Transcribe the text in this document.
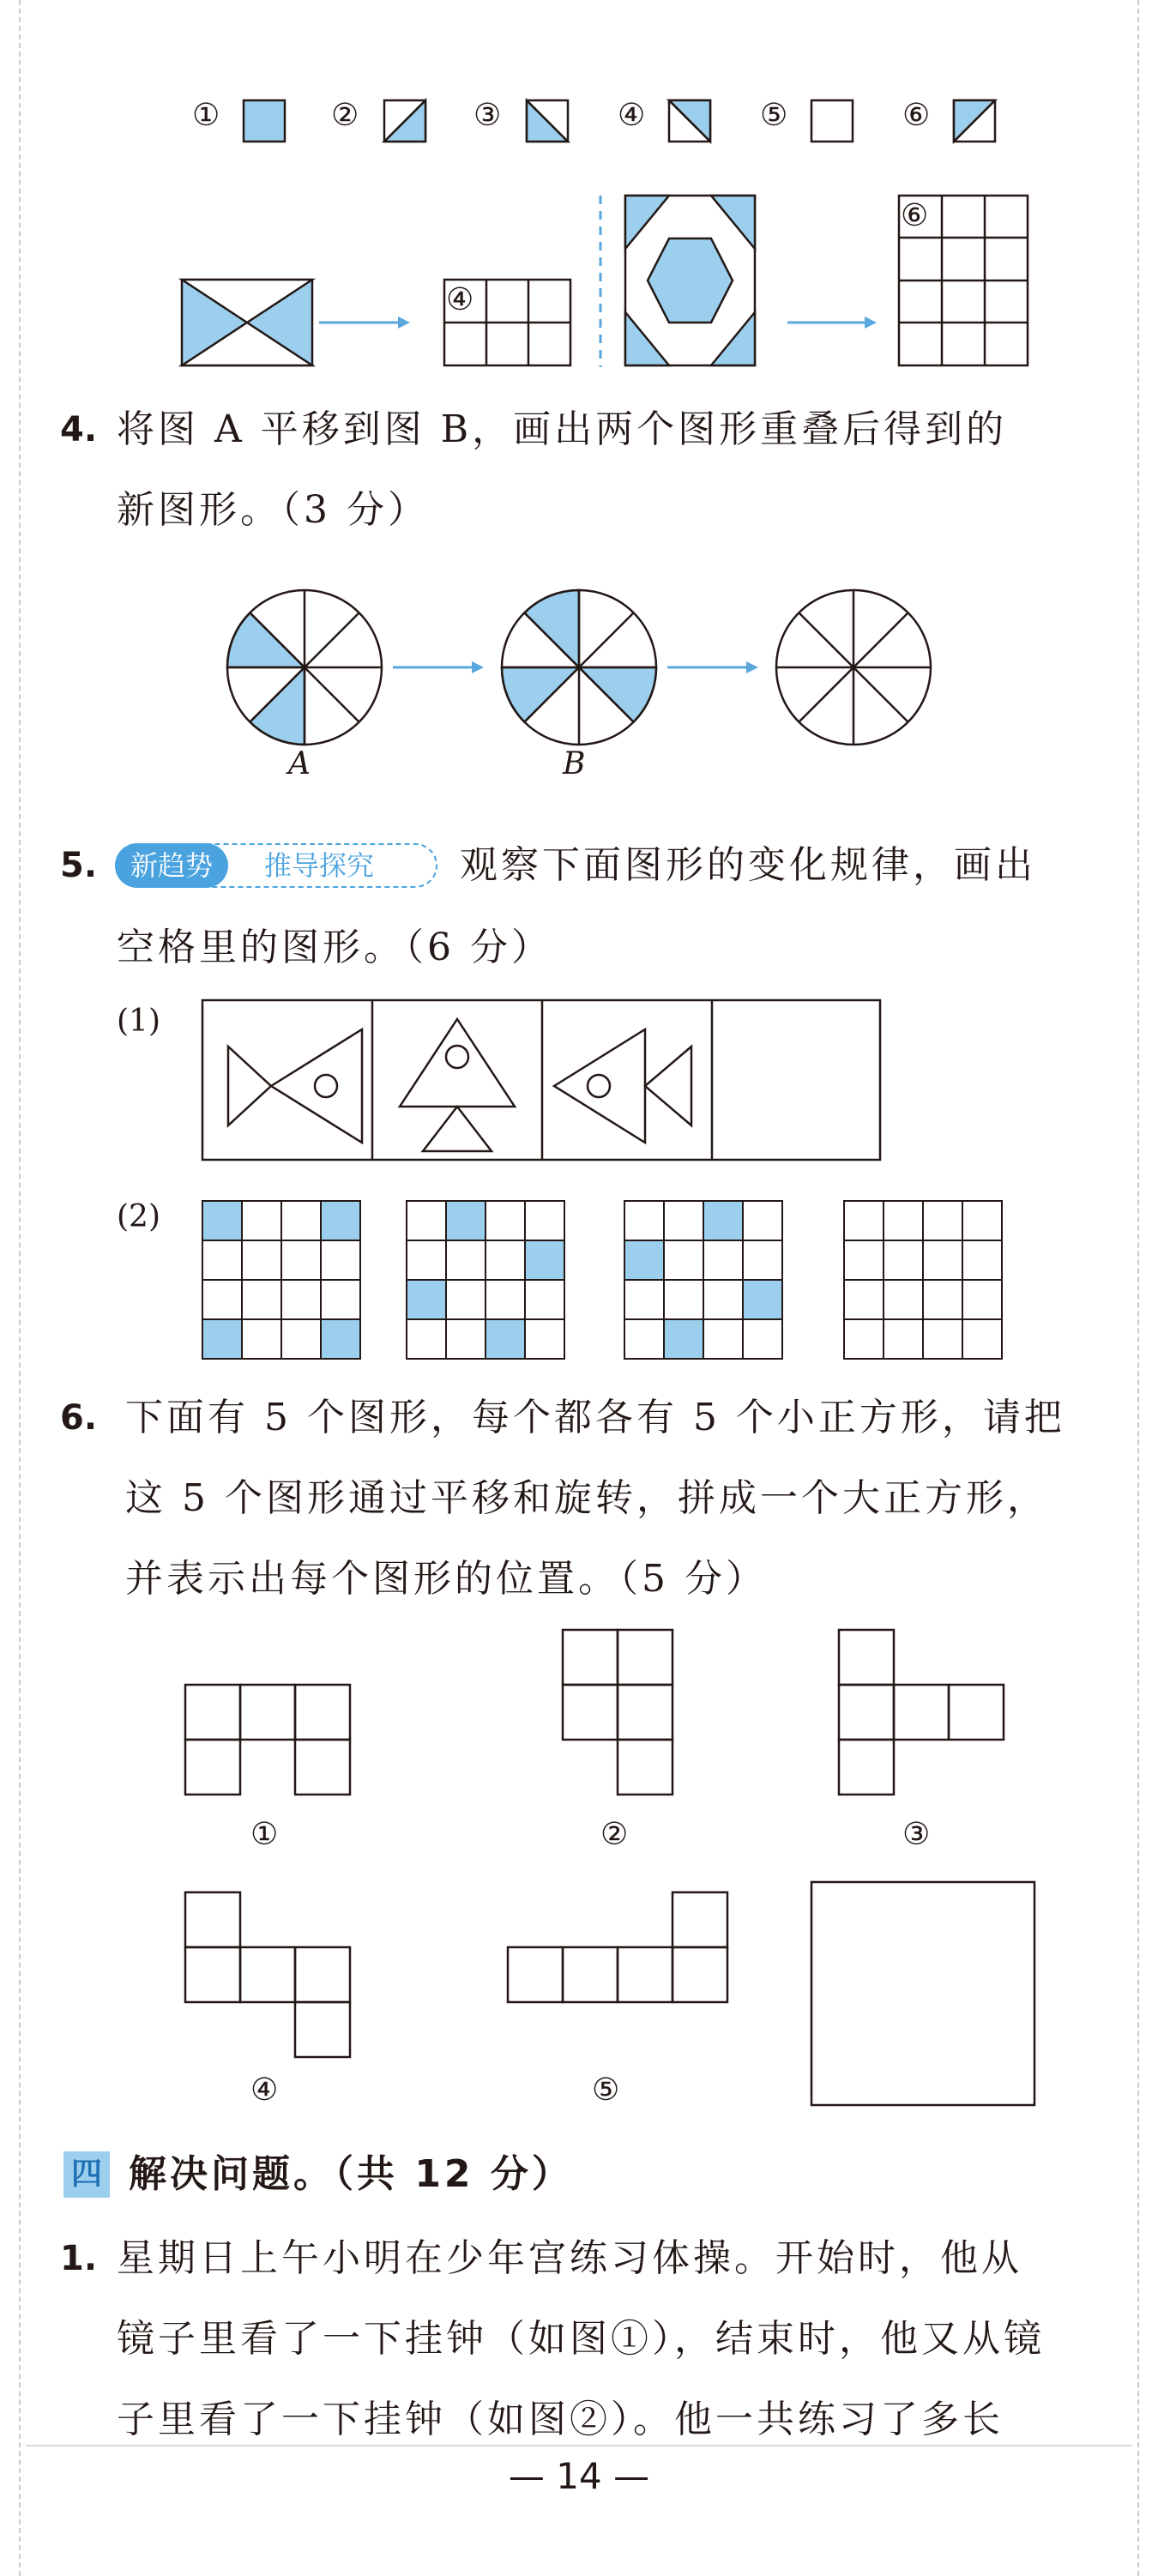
①	②	③	④	⑤	⑥
④
⑥
4. 将图 A 平移到图 B，画出两个图形重叠后得到的
新图形。（3 分）
A	B
5.	新趋势	推导探究 观察下面图形的变化规律，画出
空格里的图形。（6 分）
(1)
(2)
6. 下面有 5 个图形，每个都各有 5 个小正方形，请把
这 5 个图形通过平移和旋转，拼成一个大正方形，
并表示出每个图形的位置。（5 分）
①	②	③
④	⑤
四 解决问题。（共 12 分）
1. 星期日上午小明在少年宫练习体操。开始时，他从
镜子里看了一下挂钟（如图①），结束时，他又从镜
子里看了一下挂钟（如图②）。他一共练习了多长
— 14 —
